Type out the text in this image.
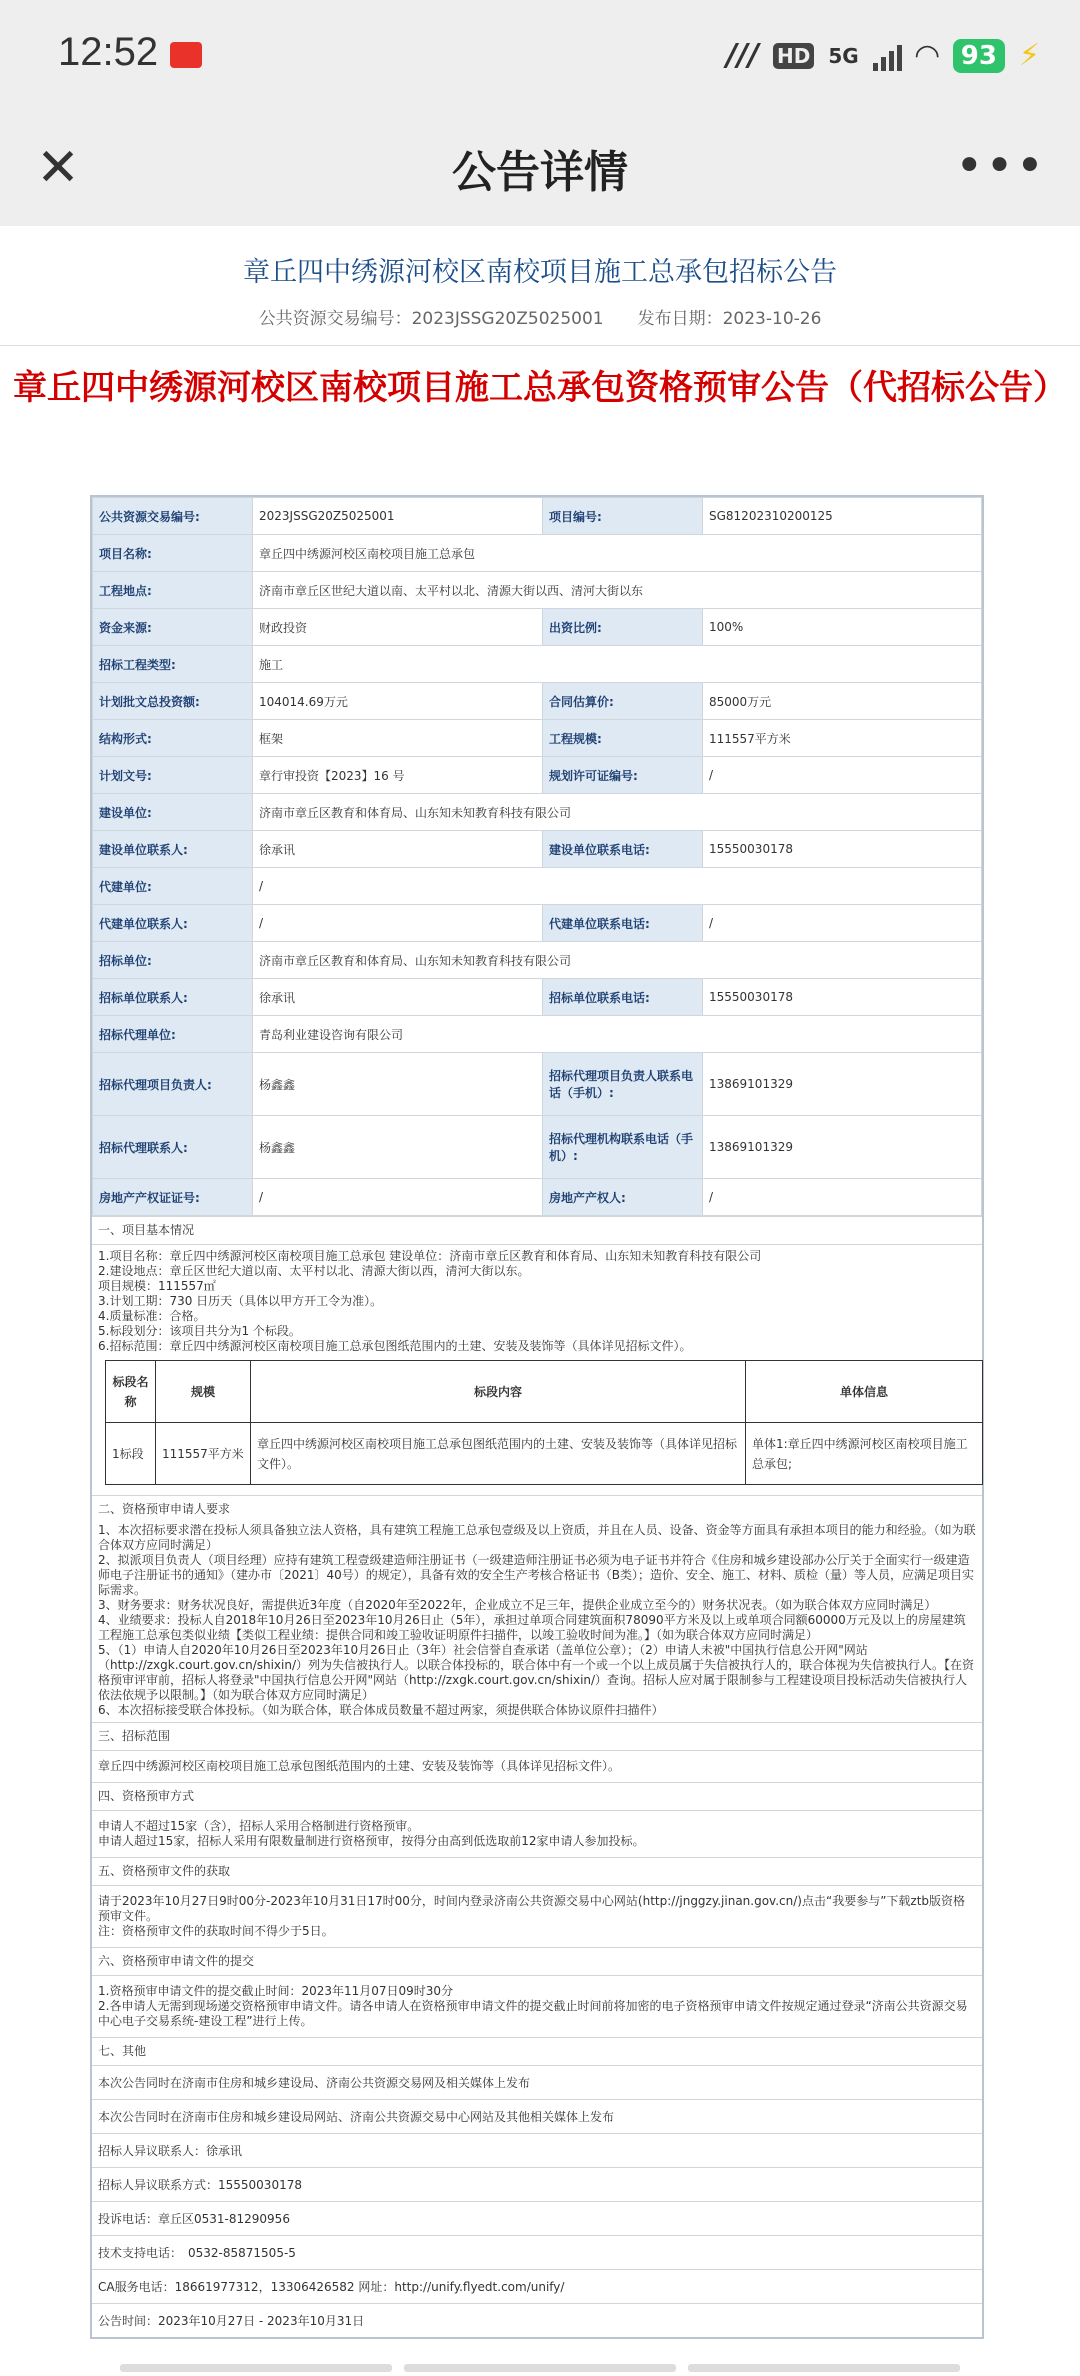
12:52	/// HD 5G ◠ 93 ⚡
✕	公告详情	•••
章丘四中绣源河校区南校项目施工总承包招标公告
公共资源交易编号：2023JSSG20Z5025001　　发布日期：2023-10-26
章丘四中绣源河校区南校项目施工总承包资格预审公告（代招标公告）
公共资源交易编号:	2023JSSG20Z5025001	项目编号:	SG81202310200125
项目名称:	章丘四中绣源河校区南校项目施工总承包		
工程地点:	济南市章丘区世纪大道以南、太平村以北、清源大街以西、清河大街以东		
资金来源:	财政投资	出资比例:	100%
招标工程类型:	施工		
计划批文总投资额:	104014.69万元	合同估算价:	85000万元
结构形式:	框架	工程规模:	111557平方米
计划文号:	章行审投资【2023】16 号	规划许可证编号:	/
建设单位:	济南市章丘区教育和体育局、山东知未知教育科技有限公司		
建设单位联系人:	徐承讯	建设单位联系电话:	15550030178
代建单位:	/		
代建单位联系人:	/	代建单位联系电话:	/
招标单位:	济南市章丘区教育和体育局、山东知未知教育科技有限公司		
招标单位联系人:	徐承讯	招标单位联系电话:	15550030178
招标代理单位:	青岛利业建设咨询有限公司		
招标代理项目负责人:	杨鑫鑫	招标代理项目负责人联系电话（手机）:	13869101329
招标代理联系人:	杨鑫鑫	招标代理机构联系电话（手机）:	13869101329
房地产产权证证号:	/	房地产产权人:	/
一、项目基本情况

1.项目名称：章丘四中绣源河校区南校项目施工总承包 建设单位：济南市章丘区教育和体育局、山东知未知教育科技有限公司

2.建设地点：章丘区世纪大道以南、太平村以北、清源大街以西，清河大街以东。

项目规模：111557㎡

3.计划工期：730 日历天（具体以甲方开工令为准）。

4.质量标准：合格。

5.标段划分：该项目共分为1 个标段。

6.招标范围：章丘四中绣源河校区南校项目施工总承包图纸范围内的土建、安装及装饰等（具体详见招标文件）。

标段名称	规模	标段内容	单体信息
1标段	111557平方米	章丘四中绣源河校区南校项目施工总承包图纸范围内的土建、安装及装饰等（具体详见招标文件）。	单体1:章丘四中绣源河校区南校项目施工总承包;
二、资格预审申请人要求

1、本次招标要求潜在投标人须具备独立法人资格，具有建筑工程施工总承包壹级及以上资质，并且在人员、设备、资金等方面具有承担本项目的能力和经验。（如为联合体双方应同时满足）

2、拟派项目负责人（项目经理）应持有建筑工程壹级建造师注册证书（一级建造师注册证书必须为电子证书并符合《住房和城乡建设部办公厅关于全面实行一级建造师电子注册证书的通知》（建办市〔2021〕40号）的规定），具备有效的安全生产考核合格证书（B类）；造价、安全、施工、材料、质检（量）等人员，应满足项目实际需求。

3、财务要求：财务状况良好，需提供近3年度（自2020年至2022年，企业成立不足三年，提供企业成立至今的）财务状况表。（如为联合体双方应同时满足）

4、业绩要求：投标人自2018年10月26日至2023年10月26日止（5年），承担过单项合同建筑面积78090平方米及以上或单项合同额60000万元及以上的房屋建筑工程施工总承包类似业绩【类似工程业绩：提供合同和竣工验收证明原件扫描件，以竣工验收时间为准。】（如为联合体双方应同时满足）

5、（1）申请人自2020年10月26日至2023年10月26日止（3年）社会信誉自查承诺（盖单位公章）；（2）申请人未被"中国执行信息公开网"网站（http://zxgk.court.gov.cn/shixin/）列为失信被执行人。以联合体投标的，联合体中有一个或一个以上成员属于失信被执行人的，联合体视为失信被执行人。【在资格预审评审前，招标人将登录"中国执行信息公开网"网站（http://zxgk.court.gov.cn/shixin/）查询。招标人应对属于限制参与工程建设项目投标活动失信被执行人依法依规予以限制。】（如为联合体双方应同时满足）

6、本次招标接受联合体投标。（如为联合体，联合体成员数量不超过两家，须提供联合体协议原件扫描件）

三、招标范围
章丘四中绣源河校区南校项目施工总承包图纸范围内的土建、安装及装饰等（具体详见招标文件）。
四、资格预审方式

申请人不超过15家（含），招标人采用合格制进行资格预审。

申请人超过15家，招标人采用有限数量制进行资格预审，按得分由高到低选取前12家申请人参加投标。

五、资格预审文件的获取

请于2023年10月27日9时00分-2023年10月31日17时00分，时间内登录济南公共资源交易中心网站(http://jnggzy.jinan.gov.cn/)点击“我要参与”下载ztb版资格预审文件。

注：资格预审文件的获取时间不得少于5日。

六、资格预审申请文件的提交

1.资格预审申请文件的提交截止时间：2023年11月07日09时30分

2.各申请人无需到现场递交资格预审申请文件。请各申请人在资格预审申请文件的提交截止时间前将加密的电子资格预审申请文件按规定通过登录“济南公共资源交易中心电子交易系统-建设工程”进行上传。

七、其他
本次公告同时在济南市住房和城乡建设局、济南公共资源交易网及相关媒体上发布
本次公告同时在济南市住房和城乡建设局网站、济南公共资源交易中心网站及其他相关媒体上发布
招标人异议联系人：徐承讯
招标人异议联系方式：15550030178
投诉电话：章丘区0531-81290956
技术支持电话：　0532-85871505-5
CA服务电话：18661977312，13306426582 网址：http://unify.flyedt.com/unify/
公告时间：2023年10月27日 - 2023年10月31日
